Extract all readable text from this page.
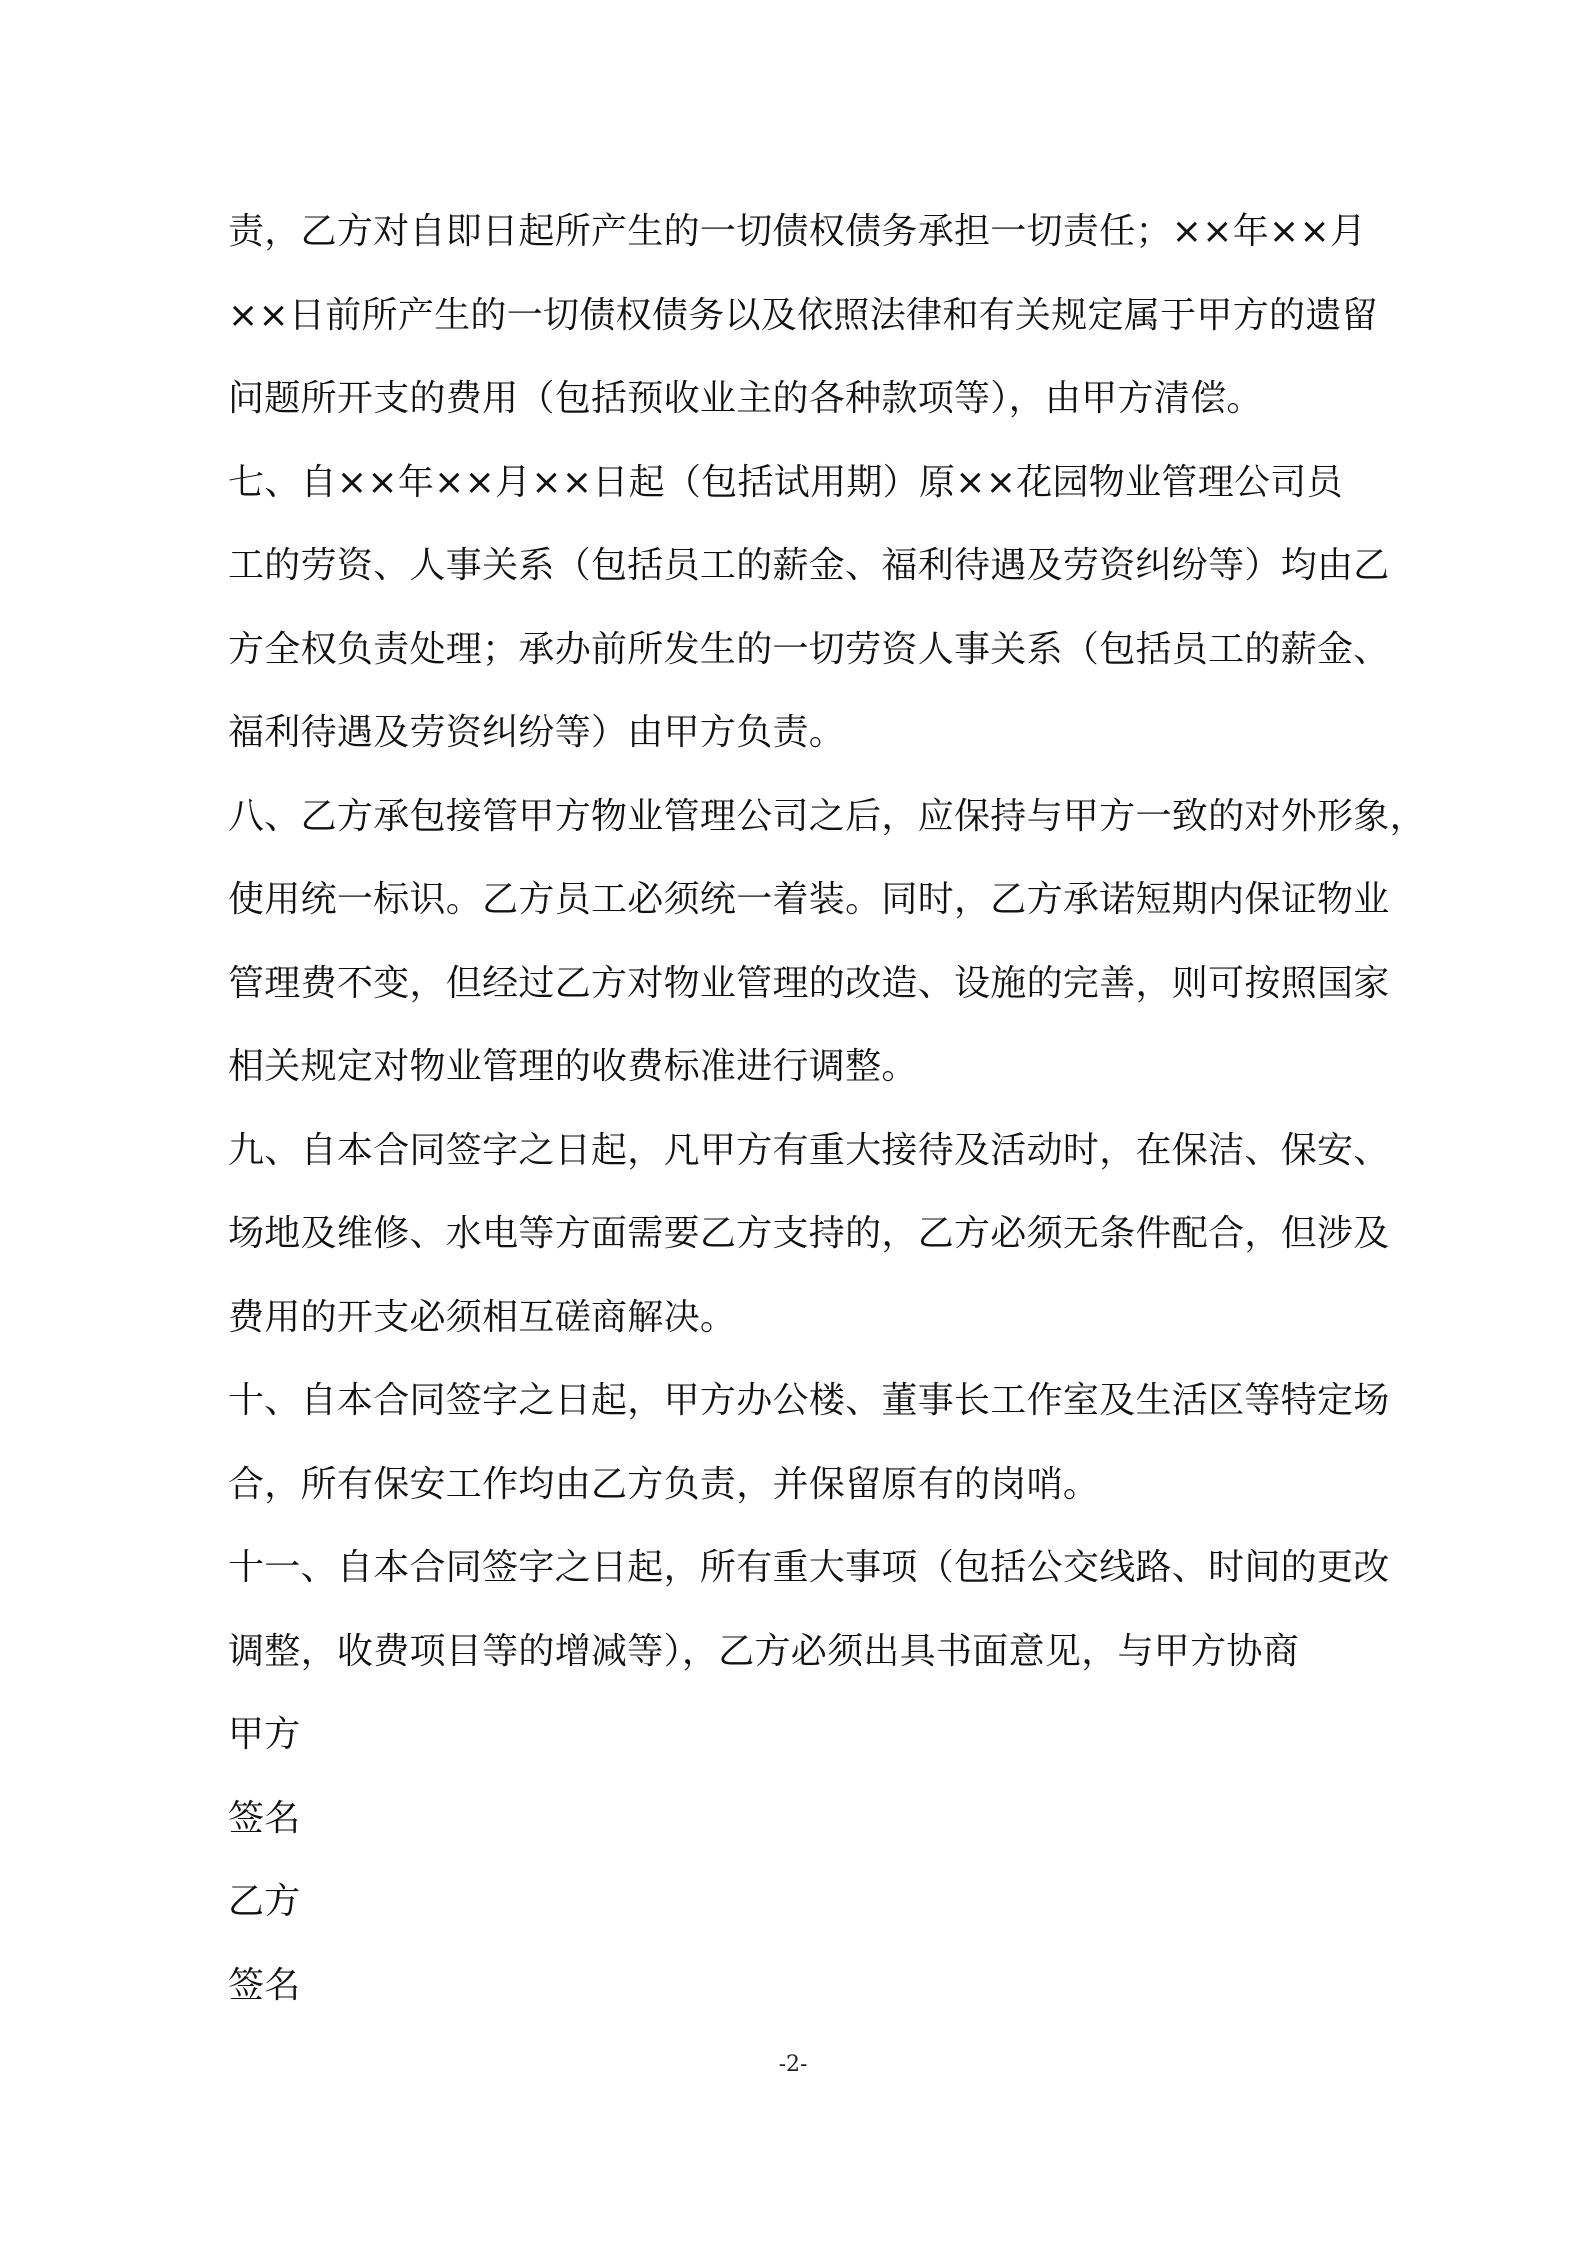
责，乙方对自即日起所产生的一切债权债务承担一切责任；××年××月
××日前所产生的一切债权债务以及依照法律和有关规定属于甲方的遗留
问题所开支的费用（包括预收业主的各种款项等），由甲方清偿。
七、自××年××月××日起（包括试用期）原××花园物业管理公司员
工的劳资、人事关系（包括员工的薪金、福利待遇及劳资纠纷等）均由乙
方全权负责处理；承办前所发生的一切劳资人事关系（包括员工的薪金、
福利待遇及劳资纠纷等）由甲方负责。
八、乙方承包接管甲方物业管理公司之后，应保持与甲方一致的对外形象，
使用统一标识。乙方员工必须统一着装。同时，乙方承诺短期内保证物业
管理费不变，但经过乙方对物业管理的改造、设施的完善，则可按照国家
相关规定对物业管理的收费标准进行调整。
九、自本合同签字之日起，凡甲方有重大接待及活动时，在保洁、保安、
场地及维修、水电等方面需要乙方支持的，乙方必须无条件配合，但涉及
费用的开支必须相互磋商解决。
十、自本合同签字之日起，甲方办公楼、董事长工作室及生活区等特定场
合，所有保安工作均由乙方负责，并保留原有的岗哨。
十一、自本合同签字之日起，所有重大事项（包括公交线路、时间的更改
调整，收费项目等的增减等），乙方必须出具书面意见，与甲方协商
甲方
签名
乙方
签名
-2-
